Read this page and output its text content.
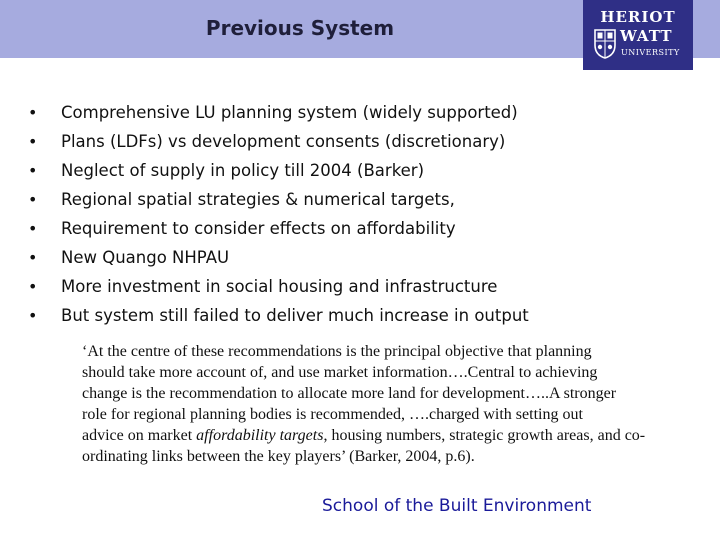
Previous System	HERIOT
WATT
UNIVERSITY
• Comprehensive LU planning system (widely supported)
• Plans (LDFs) vs development consents (discretionary)
• Neglect of supply in policy till 2004 (Barker)
• Regional spatial strategies & numerical targets,
• Requirement to consider effects on affordability
• New Quango NHPAU
• More investment in social housing and infrastructure
• But system still failed to deliver much increase in output

‘At the centre of these recommendations is the principal objective that planning

should take more account of, and use market information….Central to achieving

change is the recommendation to allocate more land for development…..A stronger

role for regional planning bodies is recommended, ….charged with setting out

advice on market affordability targets, housing numbers, strategic growth areas, and co-

ordinating links between the key players’ (Barker, 2004, p.6).

School of the Built Environment
